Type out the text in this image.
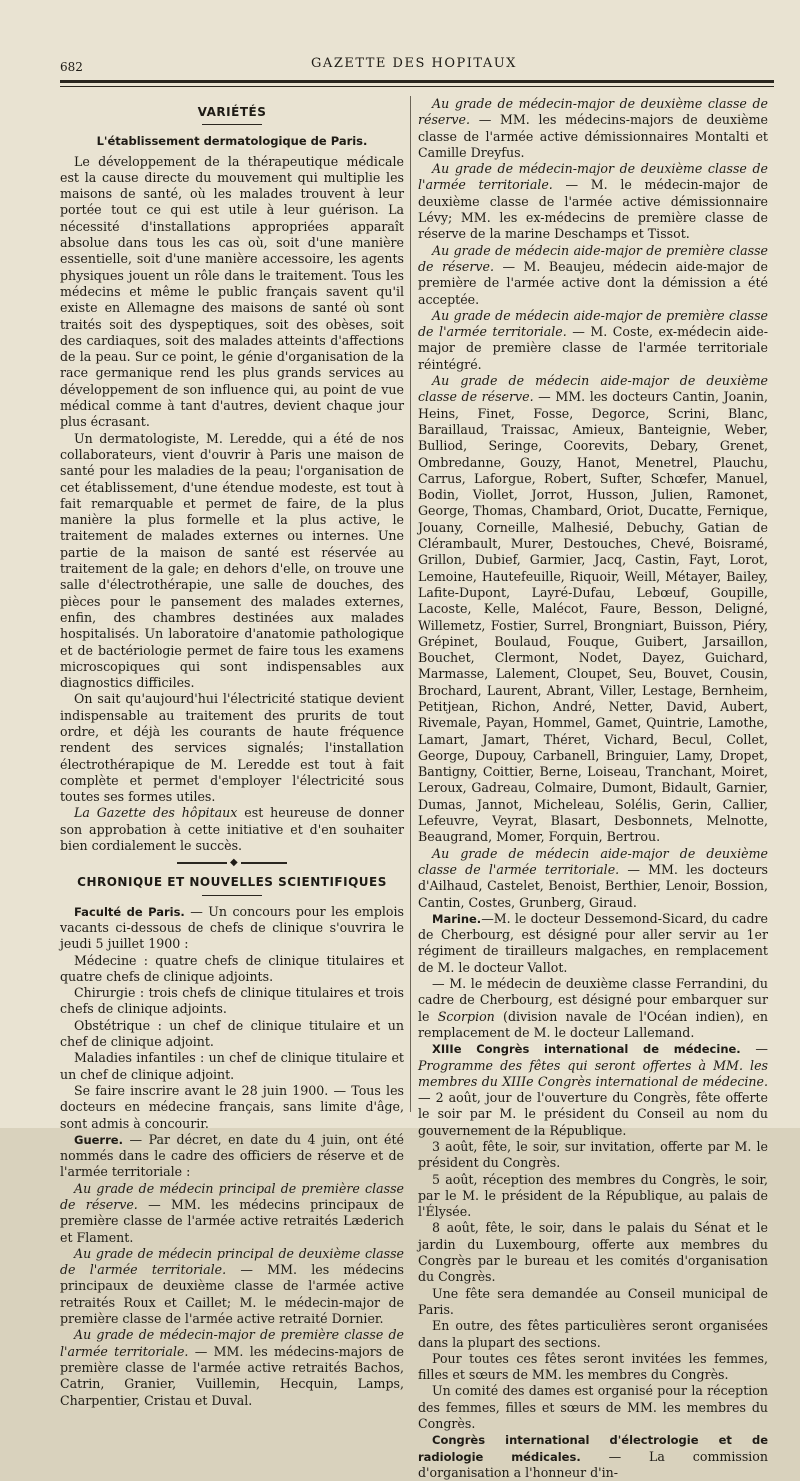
682	GAZETTE DES HOPITAUX
VARIÉTÉS
L'établissement dermatologique de Paris.

Le développement de la thérapeutique médicale est la cause directe du mouvement qui multiplie les maisons de santé, où les malades trouvent à leur portée tout ce qui est utile à leur guérison. La nécessité d'installations appropriées apparaît absolue dans tous les cas où, soit d'une manière essentielle, soit d'une manière accessoire, les agents physiques jouent un rôle dans le traitement. Tous les médecins et même le public français savent qu'il existe en Allemagne des maisons de santé où sont traités soit des dyspeptiques, soit des obèses, soit des cardiaques, soit des malades atteints d'affections de la peau. Sur ce point, le génie d'organisation de la race germanique rend les plus grands services au développement de son influence qui, au point de vue médical comme à tant d'autres, devient chaque jour plus écrasant.

Un dermatologiste, M. Leredde, qui a été de nos collaborateurs, vient d'ouvrir à Paris une maison de santé pour les maladies de la peau; l'organisation de cet établissement, d'une étendue modeste, est tout à fait remarquable et permet de faire, de la plus manière la plus formelle et la plus active, le traitement de malades externes ou internes. Une partie de la maison de santé est réservée au traitement de la gale; en dehors d'elle, on trouve une salle d'électrothérapie, une salle de douches, des pièces pour le pansement des malades externes, enfin, des chambres destinées aux malades hospitalisés. Un laboratoire d'anatomie pathologique et de bactériologie permet de faire tous les examens microscopiques qui sont indispensables aux diagnostics difficiles.

On sait qu'aujourd'hui l'électricité statique devient indispensable au traitement des prurits de tout ordre, et déjà les courants de haute fréquence rendent des services signalés; l'installation électrothérapique de M. Leredde est tout à fait complète et permet d'employer l'électricité sous toutes ses formes utiles.

La Gazette des hôpitaux est heureuse de donner son approbation à cette initiative et d'en souhaiter bien cordialement le succès.

◆
CHRONIQUE ET NOUVELLES SCIENTIFIQUES

Faculté de Paris. — Un concours pour les emplois vacants ci-dessous de chefs de clinique s'ouvrira le jeudi 5 juillet 1900 :

Médecine : quatre chefs de clinique titulaires et quatre chefs de clinique adjoints.

Chirurgie : trois chefs de clinique titulaires et trois chefs de clinique adjoints.

Obstétrique : un chef de clinique titulaire et un chef de clinique adjoint.

Maladies infantiles : un chef de clinique titulaire et un chef de clinique adjoint.

Se faire inscrire avant le 28 juin 1900. — Tous les docteurs en médecine français, sans limite d'âge, sont admis à concourir.

Guerre. — Par décret, en date du 4 juin, ont été nommés dans le cadre des officiers de réserve et de l'armée territoriale :

Au grade de médecin principal de première classe de réserve. — MM. les médecins principaux de première classe de l'armée active retraités Læderich et Flament.

Au grade de médecin principal de deuxième classe de l'armée territoriale. — MM. les médecins principaux de deuxième classe de l'armée active retraités Roux et Caillet; M. le médecin-major de première classe de l'armée active retraité Dornier.

Au grade de médecin-major de première classe de l'armée territoriale. — MM. les médecins-majors de première classe de l'armée active retraités Bachos, Catrin, Granier, Vuillemin, Hecquin, Lamps, Charpentier, Cristau et Duval.

Au grade de médecin-major de deuxième classe de réserve. — MM. les médecins-majors de deuxième classe de l'armée active démissionnaires Montalti et Camille Dreyfus.

Au grade de médecin-major de deuxième classe de l'armée territoriale. — M. le médecin-major de deuxième classe de l'armée active démissionnaire Lévy; MM. les ex-médecins de première classe de réserve de la marine Deschamps et Tissot.

Au grade de médecin aide-major de première classe de réserve. — M. Beaujeu, médecin aide-major de première de l'armée active dont la démission a été acceptée.

Au grade de médecin aide-major de première classe de l'armée territoriale. — M. Coste, ex-médecin aide-major de première classe de l'armée territoriale réintégré.

Au grade de médecin aide-major de deuxième classe de réserve. — MM. les docteurs Cantin, Joanin, Heins, Finet, Fosse, Degorce, Scrini, Blanc, Baraillaud, Traissac, Amieux, Banteignie, Weber, Bulliod, Seringe, Coorevits, Debary, Grenet, Ombredanne, Gouzy, Hanot, Menetrel, Plauchu, Carrus, Laforgue, Robert, Sufter, Schœfer, Manuel, Bodin, Viollet, Jorrot, Husson, Julien, Ramonet, George, Thomas, Chambard, Oriot, Ducatte, Fernique, Jouany, Corneille, Malhesié, Debuchy, Gatian de Clérambault, Murer, Destouches, Chevé, Boisramé, Grillon, Dubief, Garmier, Jacq, Castin, Fayt, Lorot, Lemoine, Hautefeuille, Riquoir, Weill, Métayer, Bailey, Lafite-Dupont, Layré-Dufau, Lebœuf, Goupille, Lacoste, Kelle, Malécot, Faure, Besson, Deligné, Willemetz, Fostier, Surrel, Brongniart, Buisson, Piéry, Grépinet, Boulaud, Fouque, Guibert, Jarsaillon, Bouchet, Clermont, Nodet, Dayez, Guichard, Marmasse, Lalement, Cloupet, Seu, Bouvet, Cousin, Brochard, Laurent, Abrant, Viller, Lestage, Bernheim, Petitjean, Richon, André, Netter, David, Aubert, Rivemale, Payan, Hommel, Gamet, Quintrie, Lamothe, Lamart, Jamart, Théret, Vichard, Becul, Collet, George, Dupouy, Carbanell, Bringuier, Lamy, Dropet, Bantigny, Coittier, Berne, Loiseau, Tranchant, Moiret, Leroux, Gadreau, Colmaire, Dumont, Bidault, Garnier, Dumas, Jannot, Micheleau, Solélis, Gerin, Callier, Lefeuvre, Veyrat, Blasart, Desbonnets, Melnotte, Beaugrand, Momer, Forquin, Bertrou.

Au grade de médecin aide-major de deuxième classe de l'armée territoriale. — MM. les docteurs d'Ailhaud, Castelet, Benoist, Berthier, Lenoir, Bossion, Cantin, Costes, Grunberg, Giraud.

Marine.—M. le docteur Dessemond-Sicard, du cadre de Cherbourg, est désigné pour aller servir au 1er régiment de tirailleurs malgaches, en remplacement de M. le docteur Vallot.

— M. le médecin de deuxième classe Ferrandini, du cadre de Cherbourg, est désigné pour embarquer sur le Scorpion (division navale de l'Océan indien), en remplacement de M. le docteur Lallemand.

XIIIe Congrès international de médecine. — Programme des fêtes qui seront offertes à MM. les membres du XIIIe Congrès international de médecine. — 2 août, jour de l'ouverture du Congrès, fête offerte le soir par M. le président du Conseil au nom du gouvernement de la République.

3 août, fête, le soir, sur invitation, offerte par M. le président du Congrès.

5 août, réception des membres du Congrès, le soir, par le M. le président de la République, au palais de l'Élysée.

8 août, fête, le soir, dans le palais du Sénat et le jardin du Luxembourg, offerte aux membres du Congrès par le bureau et les comités d'organisation du Congrès.

Une fête sera demandée au Conseil municipal de Paris.

En outre, des fêtes particulières seront organisées dans la plupart des sections.

Pour toutes ces fêtes seront invitées les femmes, filles et sœurs de MM. les membres du Congrès.

Un comité des dames est organisé pour la réception des femmes, filles et sœurs de MM. les membres du Congrès.

Congrès international d'électrologie et de radiologie médicales. — La commission d'organisation a l'honneur d'in-
